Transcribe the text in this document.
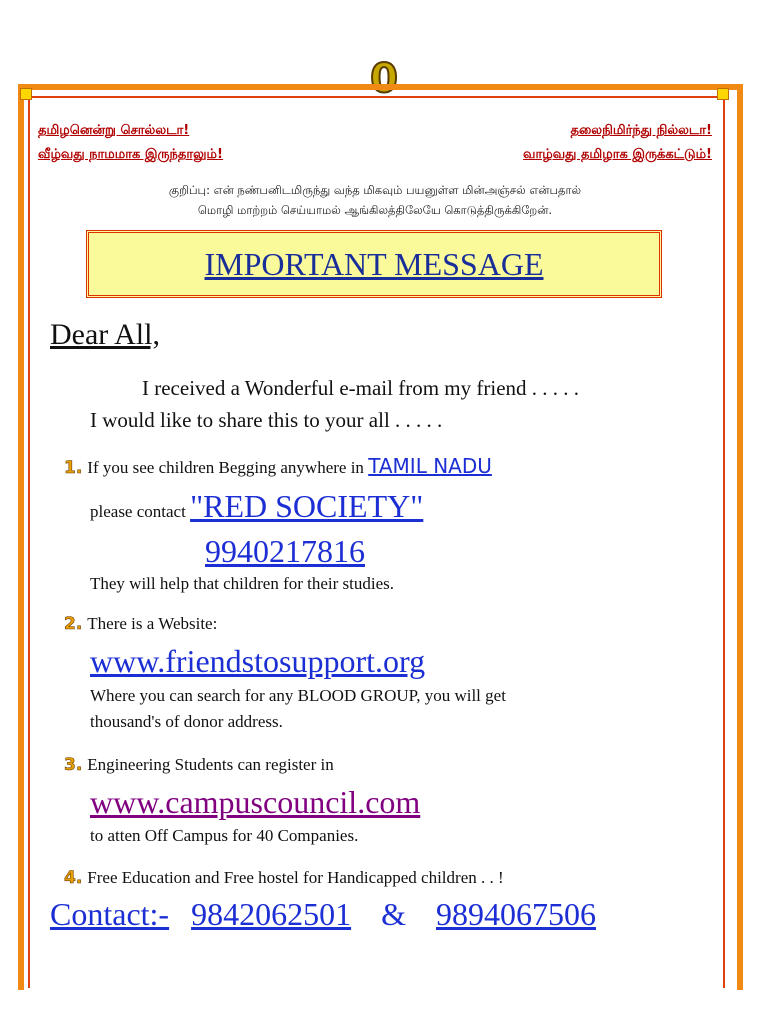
0
தமிழனென்று சொல்லடா!	தலைநிமிர்ந்து நில்லடா!
வீழ்வது நாமமாக இருந்தாலும்!	வாழ்வது தமிழாக இருக்கட்டும்!
குறிப்பு: என் நண்பனிடமிருந்து வந்த மிகவும் பயனுள்ள மின்அஞ்சல் என்பதால்
மொழி மாற்றம் செய்யாமல் ஆங்கிலத்திலேயே கொடுத்திருக்கிறேன்.
IMPORTANT MESSAGE
Dear All,
I received a Wonderful e-mail from my friend . . . . .
I would like to share this to your all . . . . .
1. If you see children Begging anywhere in TAMIL NADU
please contact "RED SOCIETY"
9940217816
They will help that children for their studies.
2. There is a Website:
www.friendstosupport.org
Where you can search for any BLOOD GROUP, you will get
thousand's of donor address.
3. Engineering Students can register in
www.campuscouncil.com
to atten Off Campus for 40 Companies.
4. Free Education and Free hostel for Handicapped children . . !
Contact:- 9842062501 & 9894067506
